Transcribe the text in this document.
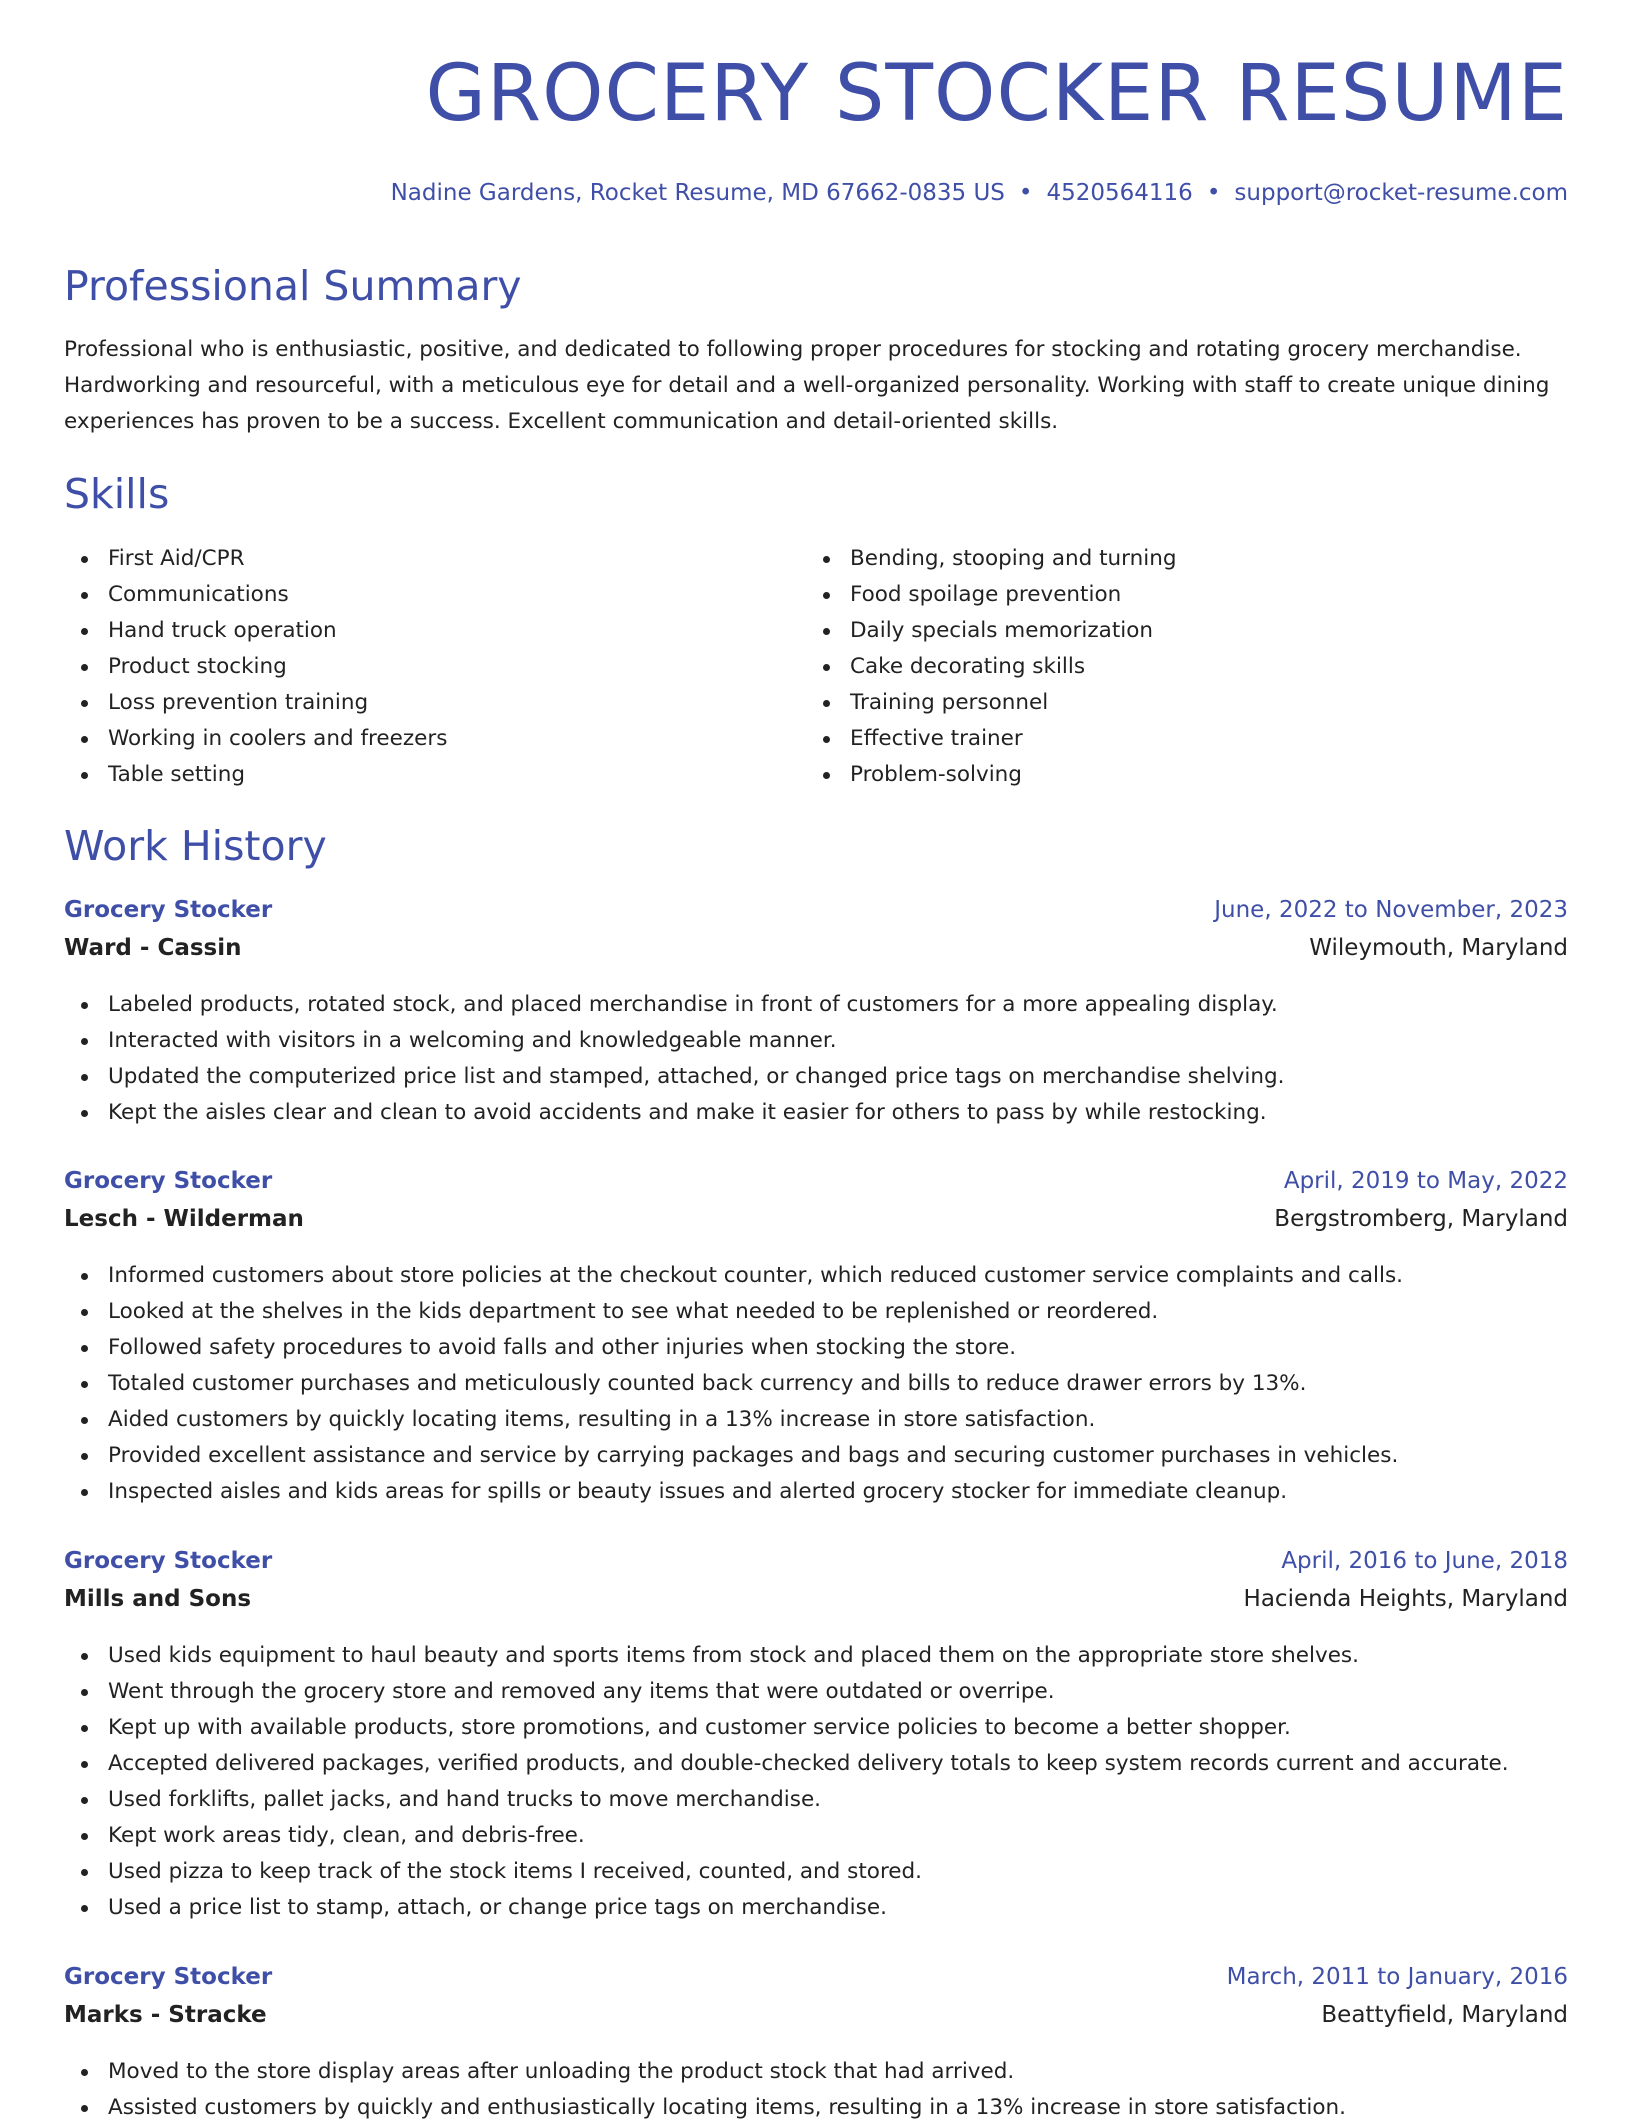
GROCERY STOCKER RESUME
Nadine Gardens, Rocket Resume, MD 67662-0835 US • 4520564116 • support@rocket-resume.com
Professional Summary

Professional who is enthusiastic, positive, and dedicated to following proper procedures for stocking and rotating grocery merchandise. Hardworking and resourceful, with a meticulous eye for detail and a well-organized personality. Working with staff to create unique dining experiences has proven to be a success. Excellent communication and detail-oriented skills.

Skills
First Aid/CPR
Communications
Hand truck operation
Product stocking
Loss prevention training
Working in coolers and freezers
Table setting
Bending, stooping and turning
Food spoilage prevention
Daily specials memorization
Cake decorating skills
Training personnel
Effective trainer
Problem-solving
Work History
Grocery Stocker	June, 2022 to November, 2023
Ward - Cassin	Wileymouth, Maryland
Labeled products, rotated stock, and placed merchandise in front of customers for a more appealing display.
Interacted with visitors in a welcoming and knowledgeable manner.
Updated the computerized price list and stamped, attached, or changed price tags on merchandise shelving.
Kept the aisles clear and clean to avoid accidents and make it easier for others to pass by while restocking.
Grocery Stocker	April, 2019 to May, 2022
Lesch - Wilderman	Bergstromberg, Maryland
Informed customers about store policies at the checkout counter, which reduced customer service complaints and calls.
Looked at the shelves in the kids department to see what needed to be replenished or reordered.
Followed safety procedures to avoid falls and other injuries when stocking the store.
Totaled customer purchases and meticulously counted back currency and bills to reduce drawer errors by 13%.
Aided customers by quickly locating items, resulting in a 13% increase in store satisfaction.
Provided excellent assistance and service by carrying packages and bags and securing customer purchases in vehicles.
Inspected aisles and kids areas for spills or beauty issues and alerted grocery stocker for immediate cleanup.
Grocery Stocker	April, 2016 to June, 2018
Mills and Sons	Hacienda Heights, Maryland
Used kids equipment to haul beauty and sports items from stock and placed them on the appropriate store shelves.
Went through the grocery store and removed any items that were outdated or overripe.
Kept up with available products, store promotions, and customer service policies to become a better shopper.
Accepted delivered packages, verified products, and double-checked delivery totals to keep system records current and accurate.
Used forklifts, pallet jacks, and hand trucks to move merchandise.
Kept work areas tidy, clean, and debris-free.
Used pizza to keep track of the stock items I received, counted, and stored.
Used a price list to stamp, attach, or change price tags on merchandise.
Grocery Stocker	March, 2011 to January, 2016
Marks - Stracke	Beattyfield, Maryland
Moved to the store display areas after unloading the product stock that had arrived.
Assisted customers by quickly and enthusiastically locating items, resulting in a 13% increase in store satisfaction.
